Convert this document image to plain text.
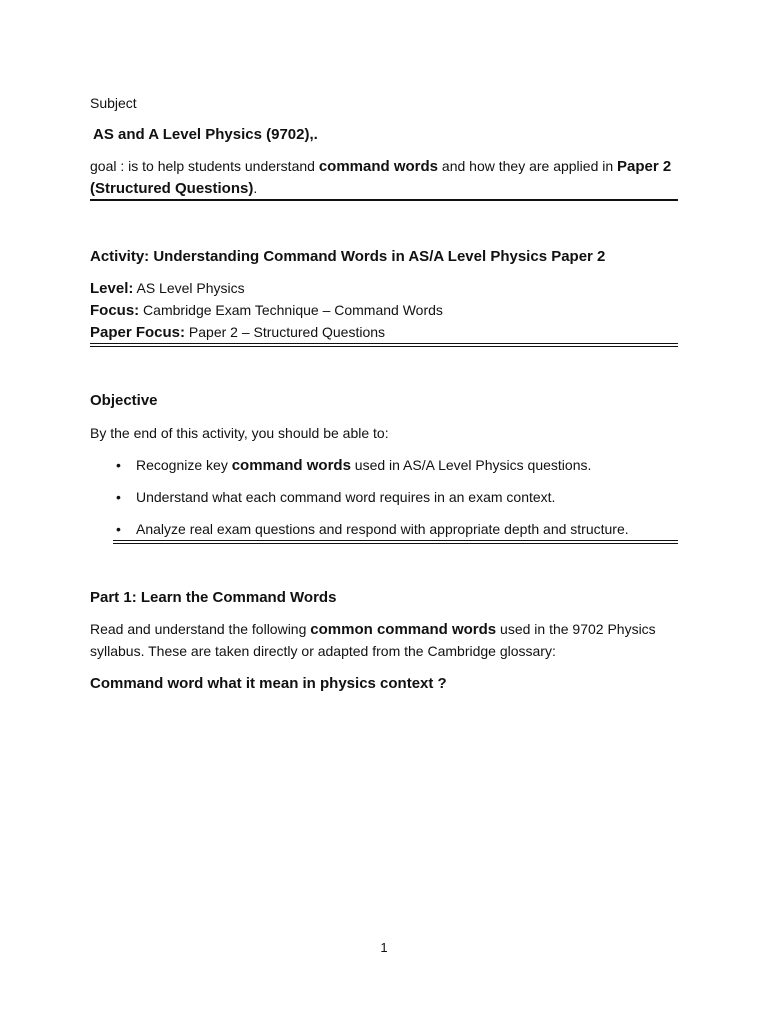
Subject
AS and A Level Physics (9702),.
goal : is to help students understand command words and how they are applied in Paper 2
(Structured Questions).
Activity: Understanding Command Words in AS/A Level Physics Paper 2
Level: AS Level Physics
Focus: Cambridge Exam Technique – Command Words
Paper Focus: Paper 2 – Structured Questions
Objective
By the end of this activity, you should be able to:
• Recognize key command words used in AS/A Level Physics questions.
• Understand what each command word requires in an exam context.
• Analyze real exam questions and respond with appropriate depth and structure.
Part 1: Learn the Command Words
Read and understand the following common command words used in the 9702 Physics
syllabus. These are taken directly or adapted from the Cambridge glossary:
Command word what it mean in physics context ?
1
